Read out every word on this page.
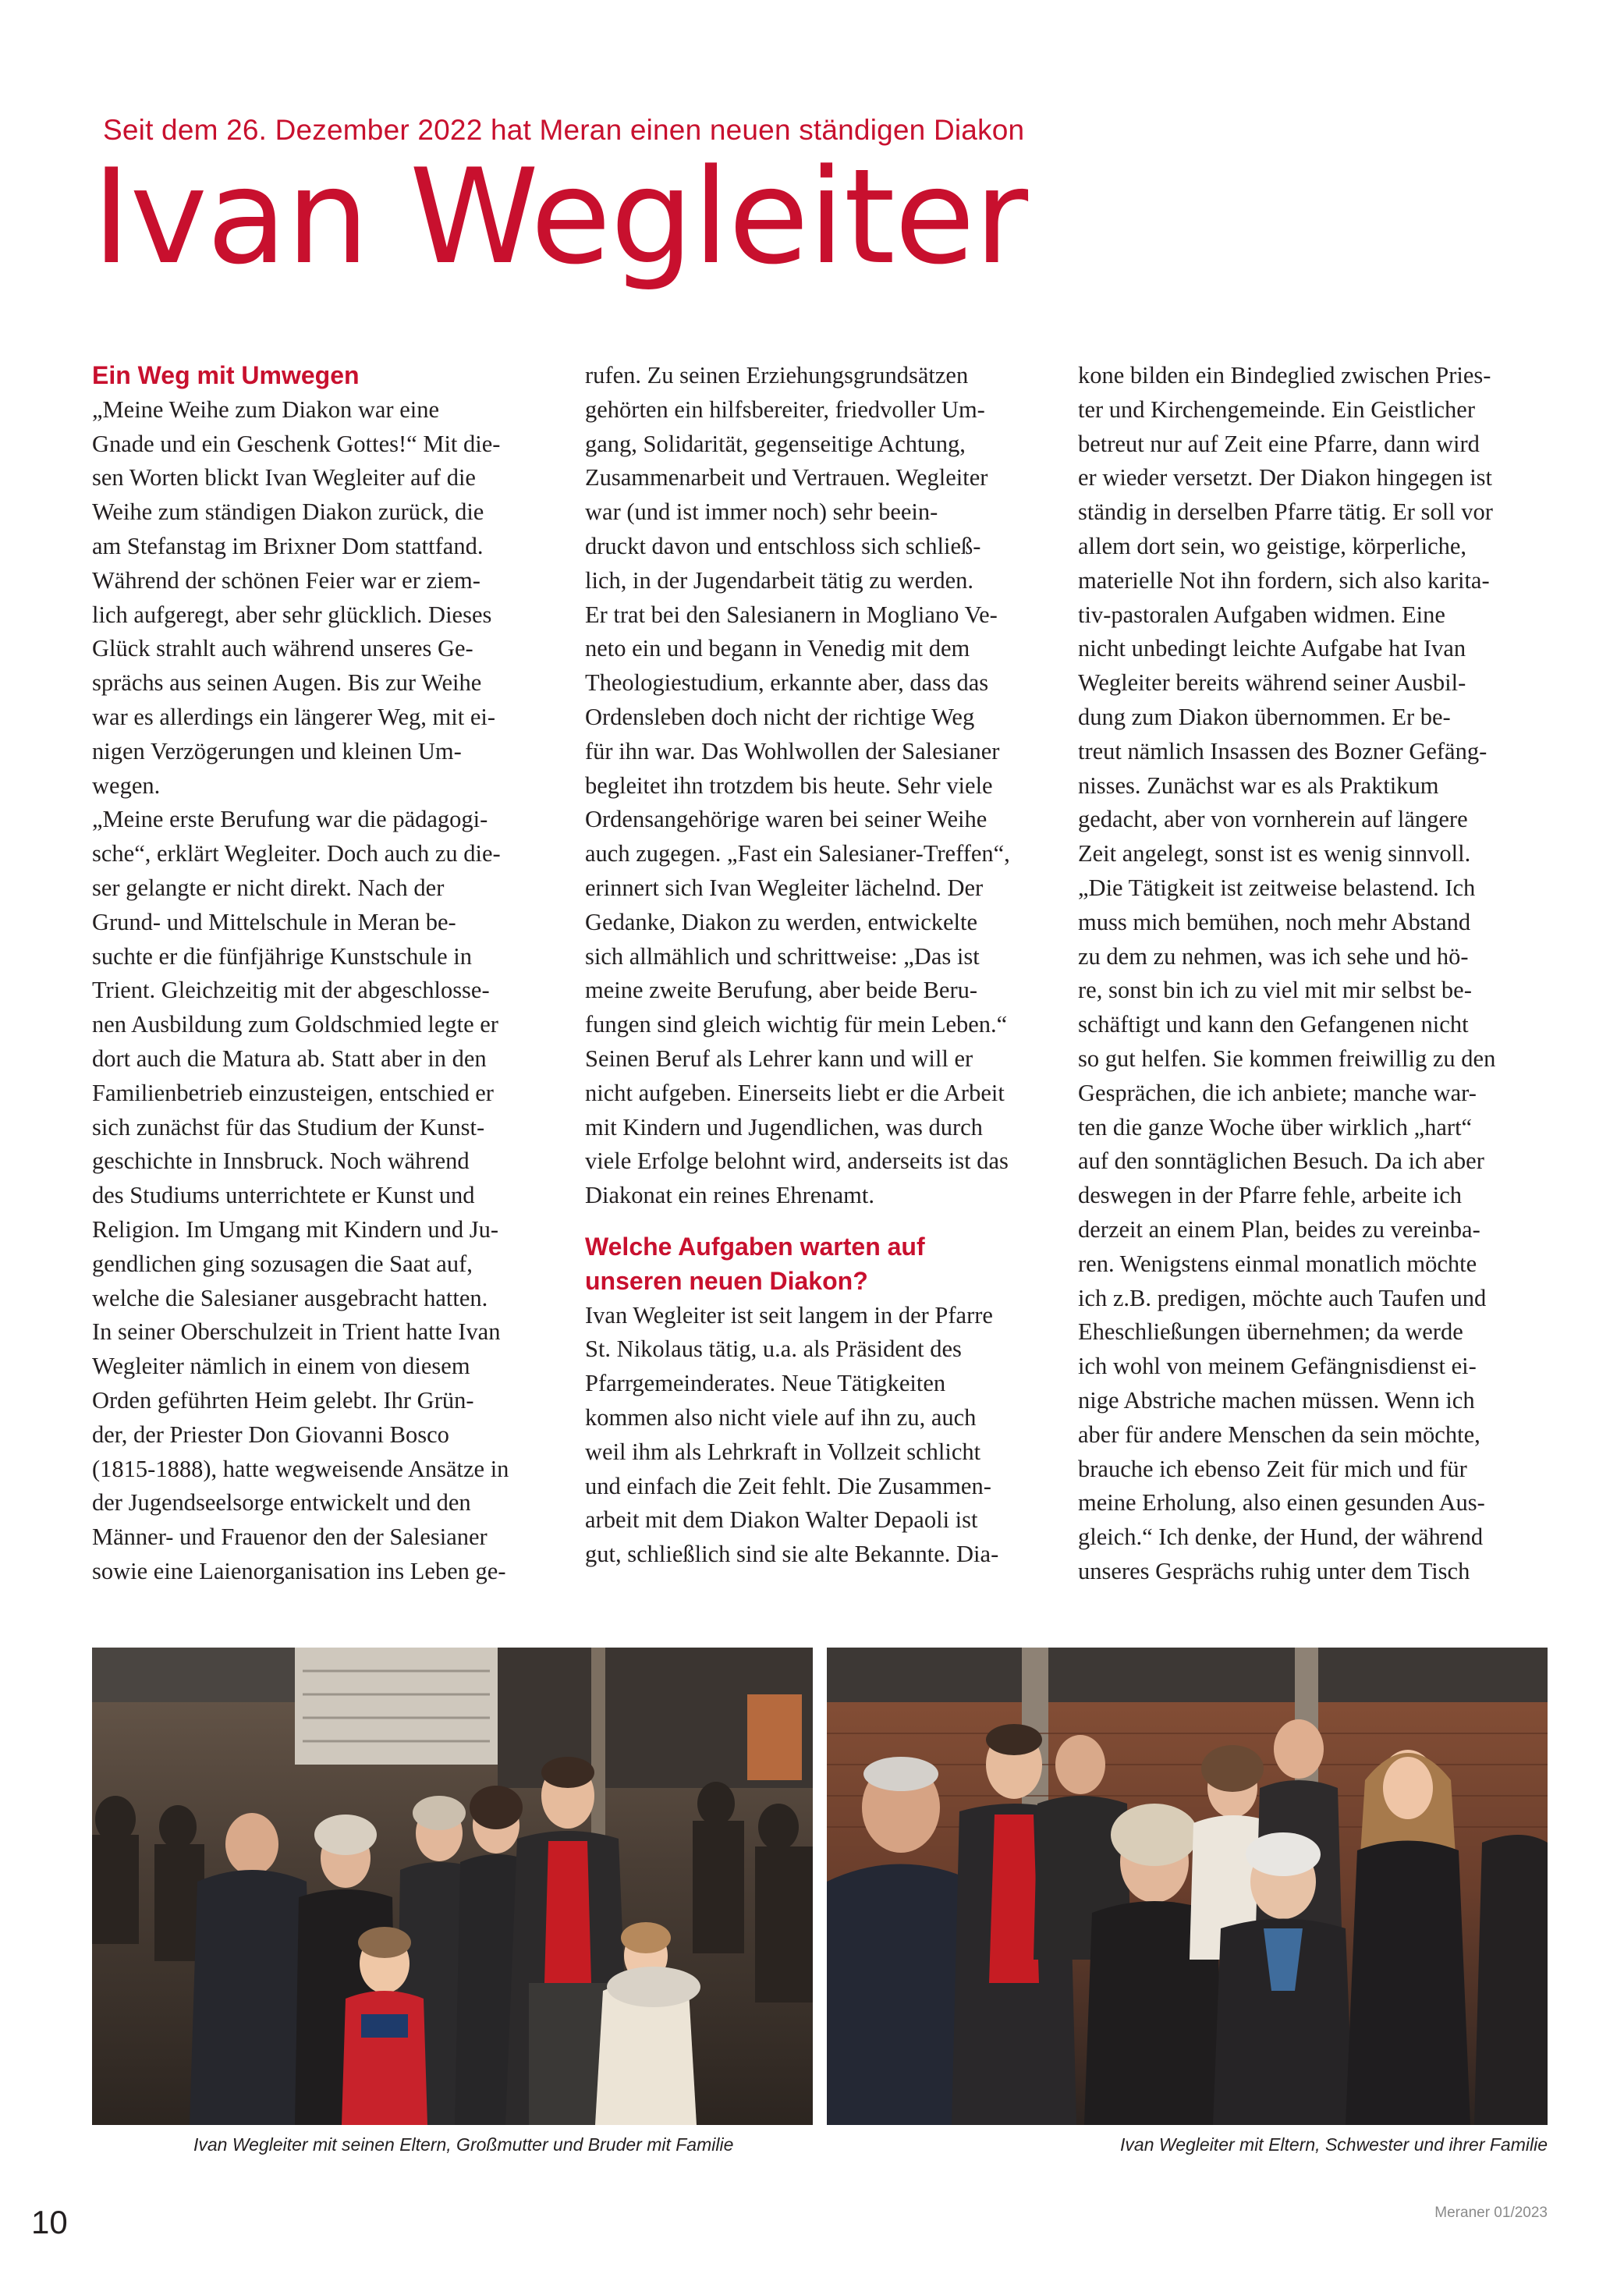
Seit dem 26. Dezember 2022 hat Meran einen neuen ständigen Diakon
Ivan Wegleiter
Ein Weg mit Umwegen

„Meine Weihe zum Diakon war eine

Gnade und ein Geschenk Gottes!“ Mit die-

sen Worten blickt Ivan Wegleiter auf die

Weihe zum ständigen Diakon zurück, die

am Stefanstag im Brixner Dom stattfand.

Während der schönen Feier war er ziem-

lich aufgeregt, aber sehr glücklich. Dieses

Glück strahlt auch während unseres Ge-

sprächs aus seinen Augen. Bis zur Weihe

war es allerdings ein längerer Weg, mit ei-

nigen Verzögerungen und kleinen Um-

wegen.

„Meine erste Berufung war die pädagogi-

sche“, erklärt Wegleiter. Doch auch zu die-

ser gelangte er nicht direkt. Nach der

Grund- und Mittelschule in Meran be-

suchte er die fünfjährige Kunstschule in

Trient. Gleichzeitig mit der abgeschlosse-

nen Ausbildung zum Goldschmied legte er

dort auch die Matura ab. Statt aber in den

Familienbetrieb einzusteigen, entschied er

sich zunächst für das Studium der Kunst-

geschichte in Innsbruck. Noch während

des Studiums unterrichtete er Kunst und

Religion. Im Umgang mit Kindern und Ju-

gendlichen ging sozusagen die Saat auf,

welche die Salesianer ausgebracht hatten.

In seiner Oberschulzeit in Trient hatte Ivan

Wegleiter nämlich in einem von diesem

Orden geführten Heim gelebt. Ihr Grün-

der, der Priester Don Giovanni Bosco

(1815-1888), hatte wegweisende Ansätze in

der Jugendseelsorge entwickelt und den

Männer- und Frauenor den der Salesianer

sowie eine Laienorganisation ins Leben ge-

rufen. Zu seinen Erziehungsgrundsätzen

gehörten ein hilfsbereiter, friedvoller Um-

gang, Solidarität, gegenseitige Achtung,

Zusammenarbeit und Vertrauen. Wegleiter

war (und ist immer noch) sehr beein-

druckt davon und entschloss sich schließ-

lich, in der Jugendarbeit tätig zu werden.

Er trat bei den Salesianern in Mogliano Ve-

neto ein und begann in Venedig mit dem

Theologiestudium, erkannte aber, dass das

Ordensleben doch nicht der richtige Weg

für ihn war. Das Wohlwollen der Salesianer

begleitet ihn trotzdem bis heute. Sehr viele

Ordensangehörige waren bei seiner Weihe

auch zugegen. „Fast ein Salesianer-Treffen“,

erinnert sich Ivan Wegleiter lächelnd. Der

Gedanke, Diakon zu werden, entwickelte

sich allmählich und schrittweise: „Das ist

meine zweite Berufung, aber beide Beru-

fungen sind gleich wichtig für mein Leben.“

Seinen Beruf als Lehrer kann und will er

nicht aufgeben. Einerseits liebt er die Arbeit

mit Kindern und Jugendlichen, was durch

viele Erfolge belohnt wird, anderseits ist das

Diakonat ein reines Ehrenamt.

Welche Aufgaben warten auf
unseren neuen Diakon?

Ivan Wegleiter ist seit langem in der Pfarre

St. Nikolaus tätig, u.a. als Präsident des

Pfarrgemeinderates. Neue Tätigkeiten

kommen also nicht viele auf ihn zu, auch

weil ihm als Lehrkraft in Vollzeit schlicht

und einfach die Zeit fehlt. Die Zusammen-

arbeit mit dem Diakon Walter Depaoli ist

gut, schließlich sind sie alte Bekannte. Dia-

kone bilden ein Bindeglied zwischen Pries-

ter und Kirchengemeinde. Ein Geistlicher

betreut nur auf Zeit eine Pfarre, dann wird

er wieder versetzt. Der Diakon hingegen ist

ständig in derselben Pfarre tätig. Er soll vor

allem dort sein, wo geistige, körperliche,

materielle Not ihn fordern, sich also karita-

tiv-pastoralen Aufgaben widmen. Eine

nicht unbedingt leichte Aufgabe hat Ivan

Wegleiter bereits während seiner Ausbil-

dung zum Diakon übernommen. Er be-

treut nämlich Insassen des Bozner Gefäng-

nisses. Zunächst war es als Praktikum

gedacht, aber von vornherein auf längere

Zeit angelegt, sonst ist es wenig sinnvoll.

„Die Tätigkeit ist zeitweise belastend. Ich

muss mich bemühen, noch mehr Abstand

zu dem zu nehmen, was ich sehe und hö-

re, sonst bin ich zu viel mit mir selbst be-

schäftigt und kann den Gefangenen nicht

so gut helfen. Sie kommen freiwillig zu den

Gesprächen, die ich anbiete; manche war-

ten die ganze Woche über wirklich „hart“

auf den sonntäglichen Besuch. Da ich aber

deswegen in der Pfarre fehle, arbeite ich

derzeit an einem Plan, beides zu vereinba-

ren. Wenigstens einmal monatlich möchte

ich z.B. predigen, möchte auch Taufen und

Eheschließungen übernehmen; da werde

ich wohl von meinem Gefängnisdienst ei-

nige Abstriche machen müssen. Wenn ich

aber für andere Menschen da sein möchte,

brauche ich ebenso Zeit für mich und für

meine Erholung, also einen gesunden Aus-

gleich.“ Ich denke, der Hund, der während

unseres Gesprächs ruhig unter dem Tisch

Ivan Wegleiter mit seinen Eltern, Großmutter und Bruder mit Familie	Ivan Wegleiter mit Eltern, Schwester und ihrer Familie
10	Meraner 01/2023
